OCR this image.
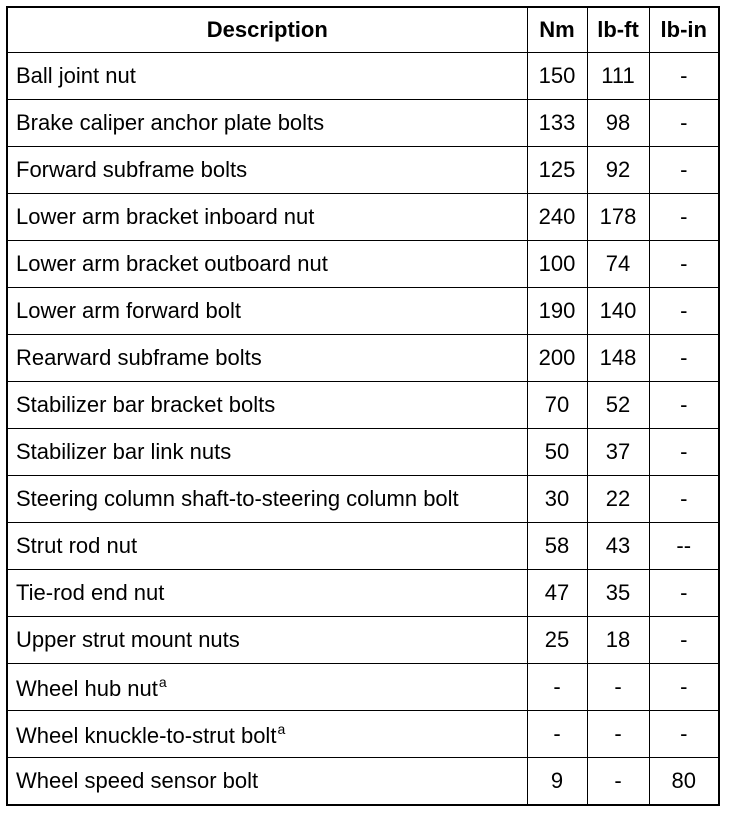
Description	Nm	lb-ft	lb-in
Ball joint nut	150	111	-
Brake caliper anchor plate bolts	133	98	-
Forward subframe bolts	125	92	-
Lower arm bracket inboard nut	240	178	-
Lower arm bracket outboard nut	100	74	-
Lower arm forward bolt	190	140	-
Rearward subframe bolts	200	148	-
Stabilizer bar bracket bolts	70	52	-
Stabilizer bar link nuts	50	37	-
Steering column shaft-to-steering column bolt	30	22	-
Strut rod nut	58	43	--
Tie-rod end nut	47	35	-
Upper strut mount nuts	25	18	-
Wheel hub nut$^a$	-	-	-
Wheel knuckle-to-strut bolt$^a$	-	-	-
Wheel speed sensor bolt	9	-	80
